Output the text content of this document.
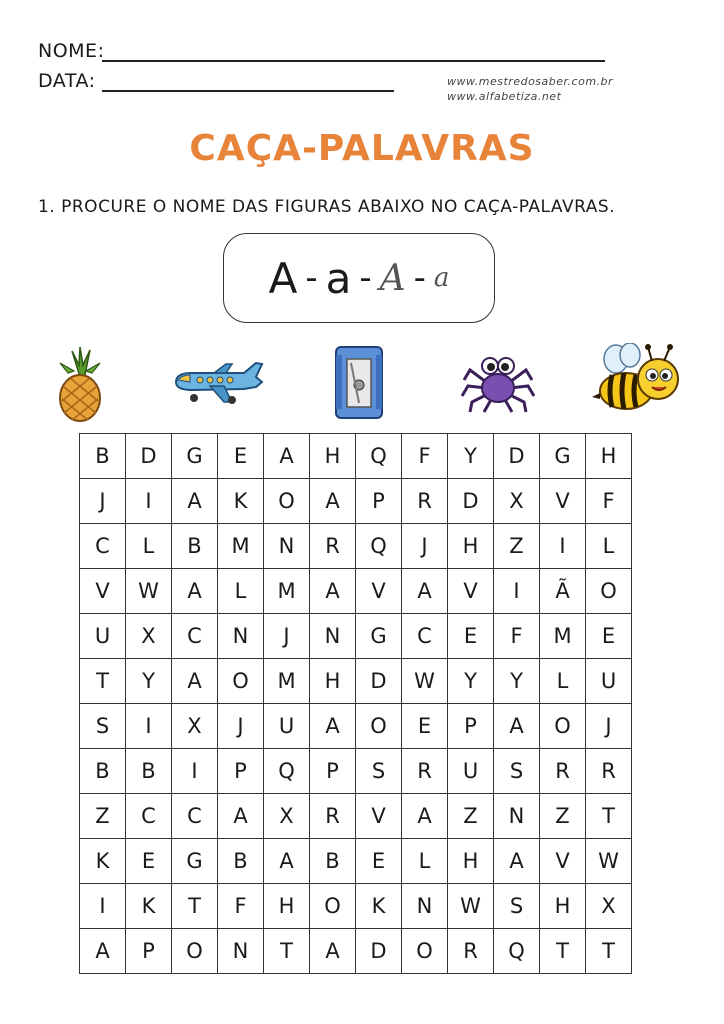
NOME:
DATA:	www.mestredosaber.com.br
www.alfabetiza.net
CAÇA-PALAVRAS
1. PROCURE O NOME DAS FIGURAS ABAIXO NO CAÇA-PALAVRAS.
A - a - A - a
B	D	G	E	A	H	Q	F	Y	D	G	H
J	I	A	K	O	A	P	R	D	X	V	F
C	L	B	M	N	R	Q	J	H	Z	I	L
V	W	A	L	M	A	V	A	V	I	Ã	O
U	X	C	N	J	N	G	C	E	F	M	E
T	Y	A	O	M	H	D	W	Y	Y	L	U
S	I	X	J	U	A	O	E	P	A	O	J
B	B	I	P	Q	P	S	R	U	S	R	R
Z	C	C	A	X	R	V	A	Z	N	Z	T
K	E	G	B	A	B	E	L	H	A	V	W
I	K	T	F	H	O	K	N	W	S	H	X
A	P	O	N	T	A	D	O	R	Q	T	T
